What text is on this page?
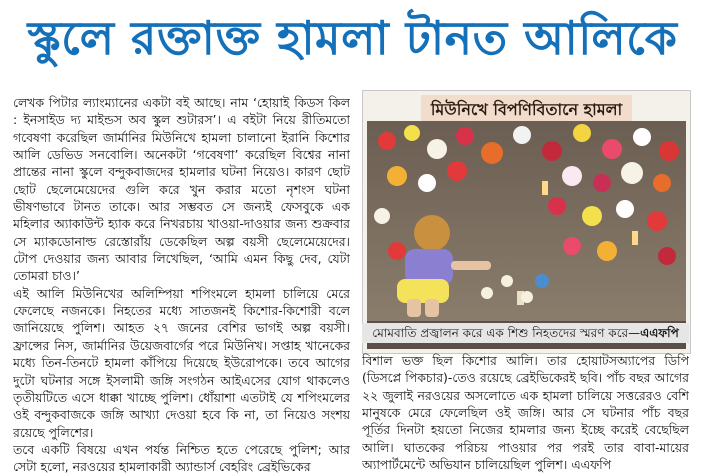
স্কুলে রক্তাক্ত হামলা টানত আলিকে

লেখক পিটার ল্যাংম্যানের একটা বই আছে। নাম ‘হোয়াই কিডস কিল : ইনসাইড দ্য মাইন্ডস অব স্কুল শুটারস’। এ বইটা নিয়ে রীতিমতো গবেষণা করেছিল জার্মানির মিউনিখে হামলা চালানো ইরানি কিশোর আলি ডেভিড সনবোলি। অনেকটা ‘গবেষণা’ করেছিল বিশ্বের নানা প্রান্তের নানা স্কুলে বন্দুকবাজদের হামলার ঘটনা নিয়েও। কারণ ছোট ছোট ছেলেমেয়েদের গুলি করে খুন করার মতো নৃশংস ঘটনা ভীষণভাবে টানত তাকে। আর সম্ভবত সে জন্যই ফেসবুকে এক মহিলার অ্যাকাউন্ট হ্যাক করে নিখরচায় খাওয়া-দাওয়ার জন্য শুক্রবার সে ম্যাকডোনাল্ড রেস্তোরাঁয় ডেকেছিল অল্প বয়সী ছেলেমেয়েদের। টোপ দেওয়ার জন্য আবার লিখেছিল, ‘আমি এমন কিছু দেব, যেটা তোমরা চাও।’

এই আলি মিউনিখের অলিম্পিয়া শপিংমলে হামলা চালিয়ে মেরে ফেলেছে নজনকে। নিহতের মধ্যে সাতজনই কিশোর-কিশোরী বলে জানিয়েছে পুলিশ। আহত ২৭ জনের বেশির ভাগই অল্প বয়সী। ফ্রান্সের নিস, জার্মানির উয়েজবার্গের পরে মিউনিখ। সপ্তাহ খানেকের মধ্যে তিন-তিনটে হামলা কাঁপিয়ে দিয়েছে ইউরোপকে। তবে আগের দুটো ঘটনার সঙ্গে ইসলামী জঙ্গি সংগঠন আইএসের যোগ থাকলেও তৃতীয়টিতে এসে ধাক্কা খাচ্ছে পুলিশ। ধোঁয়াশা এতটাই যে শপিংমলের ওই বন্দুকবাজকে জঙ্গি আখ্যা দেওয়া হবে কি না, তা নিয়েও সংশয় রয়েছে পুলিশের।

তবে একটি বিষয়ে এখন পর্যন্ত নিশ্চিত হতে পেরেছে পুলিশ; আর সেটা হলো, নরওয়ের হামলাকারী অ্যান্ডার্স বেহরিং ব্রেইভিকের

মিউনিখে বিপণিবিতানে হামলা
মোমবাতি প্রজ্বালন করে এক শিশু নিহতদের স্মরণ করে—এএফপি

বিশাল ভক্ত ছিল কিশোর আলি। তার হোয়াটসঅ্যাপের ডিপি (ডিসপ্লে পিকচার)-তেও রয়েছে ব্রেইভিকেরই ছবি। পাঁচ বছর আগের ২২ জুলাই নরওয়ের অসলোতে এক হামলা চালিয়ে সত্তরেরও বেশি মানুষকে মেরে ফেলেছিল ওই জঙ্গি। আর সে ঘটনার পাঁচ বছর পূর্তির দিনটা হয়তো নিজের হামলার জন্য ইচ্ছে করেই বেছেছিল আলি। ঘাতকের পরিচয় পাওয়ার পর পরই তার বাবা-মায়ের অ্যাপার্টমেন্টে অভিযান চালিয়েছিল পুলিশ। এএফপি
